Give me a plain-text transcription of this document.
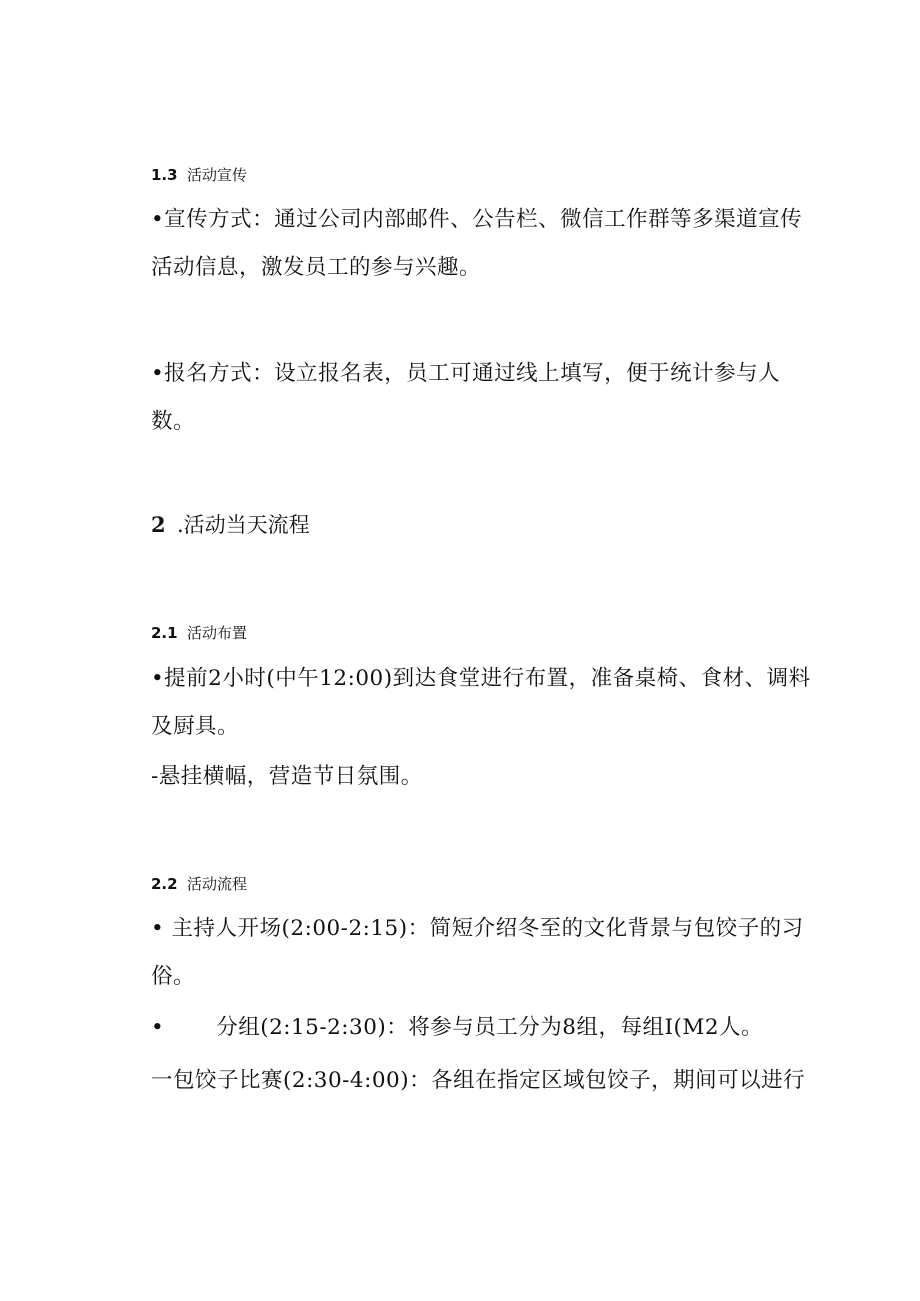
1.3 活动宣传
•宣传方式：通过公司内部邮件、公告栏、微信工作群等多渠道宣传活动信息，激发员工的参与兴趣。
•报名方式：设立报名表，员工可通过线上填写，便于统计参与人数。
2 .活动当天流程
2.1 活动布置
•提前2小时(中午12:00)到达食堂进行布置，准备桌椅、食材、调料及厨具。
-悬挂横幅，营造节日氛围。
2.2 活动流程
• 主持人开场(2:00-2:15)：简短介绍冬至的文化背景与包饺子的习俗。
• 分组(2:15-2:30)：将参与员工分为8组，每组I(M2人。
一包饺子比赛(2:30-4:00)：各组在指定区域包饺子，期间可以进行
